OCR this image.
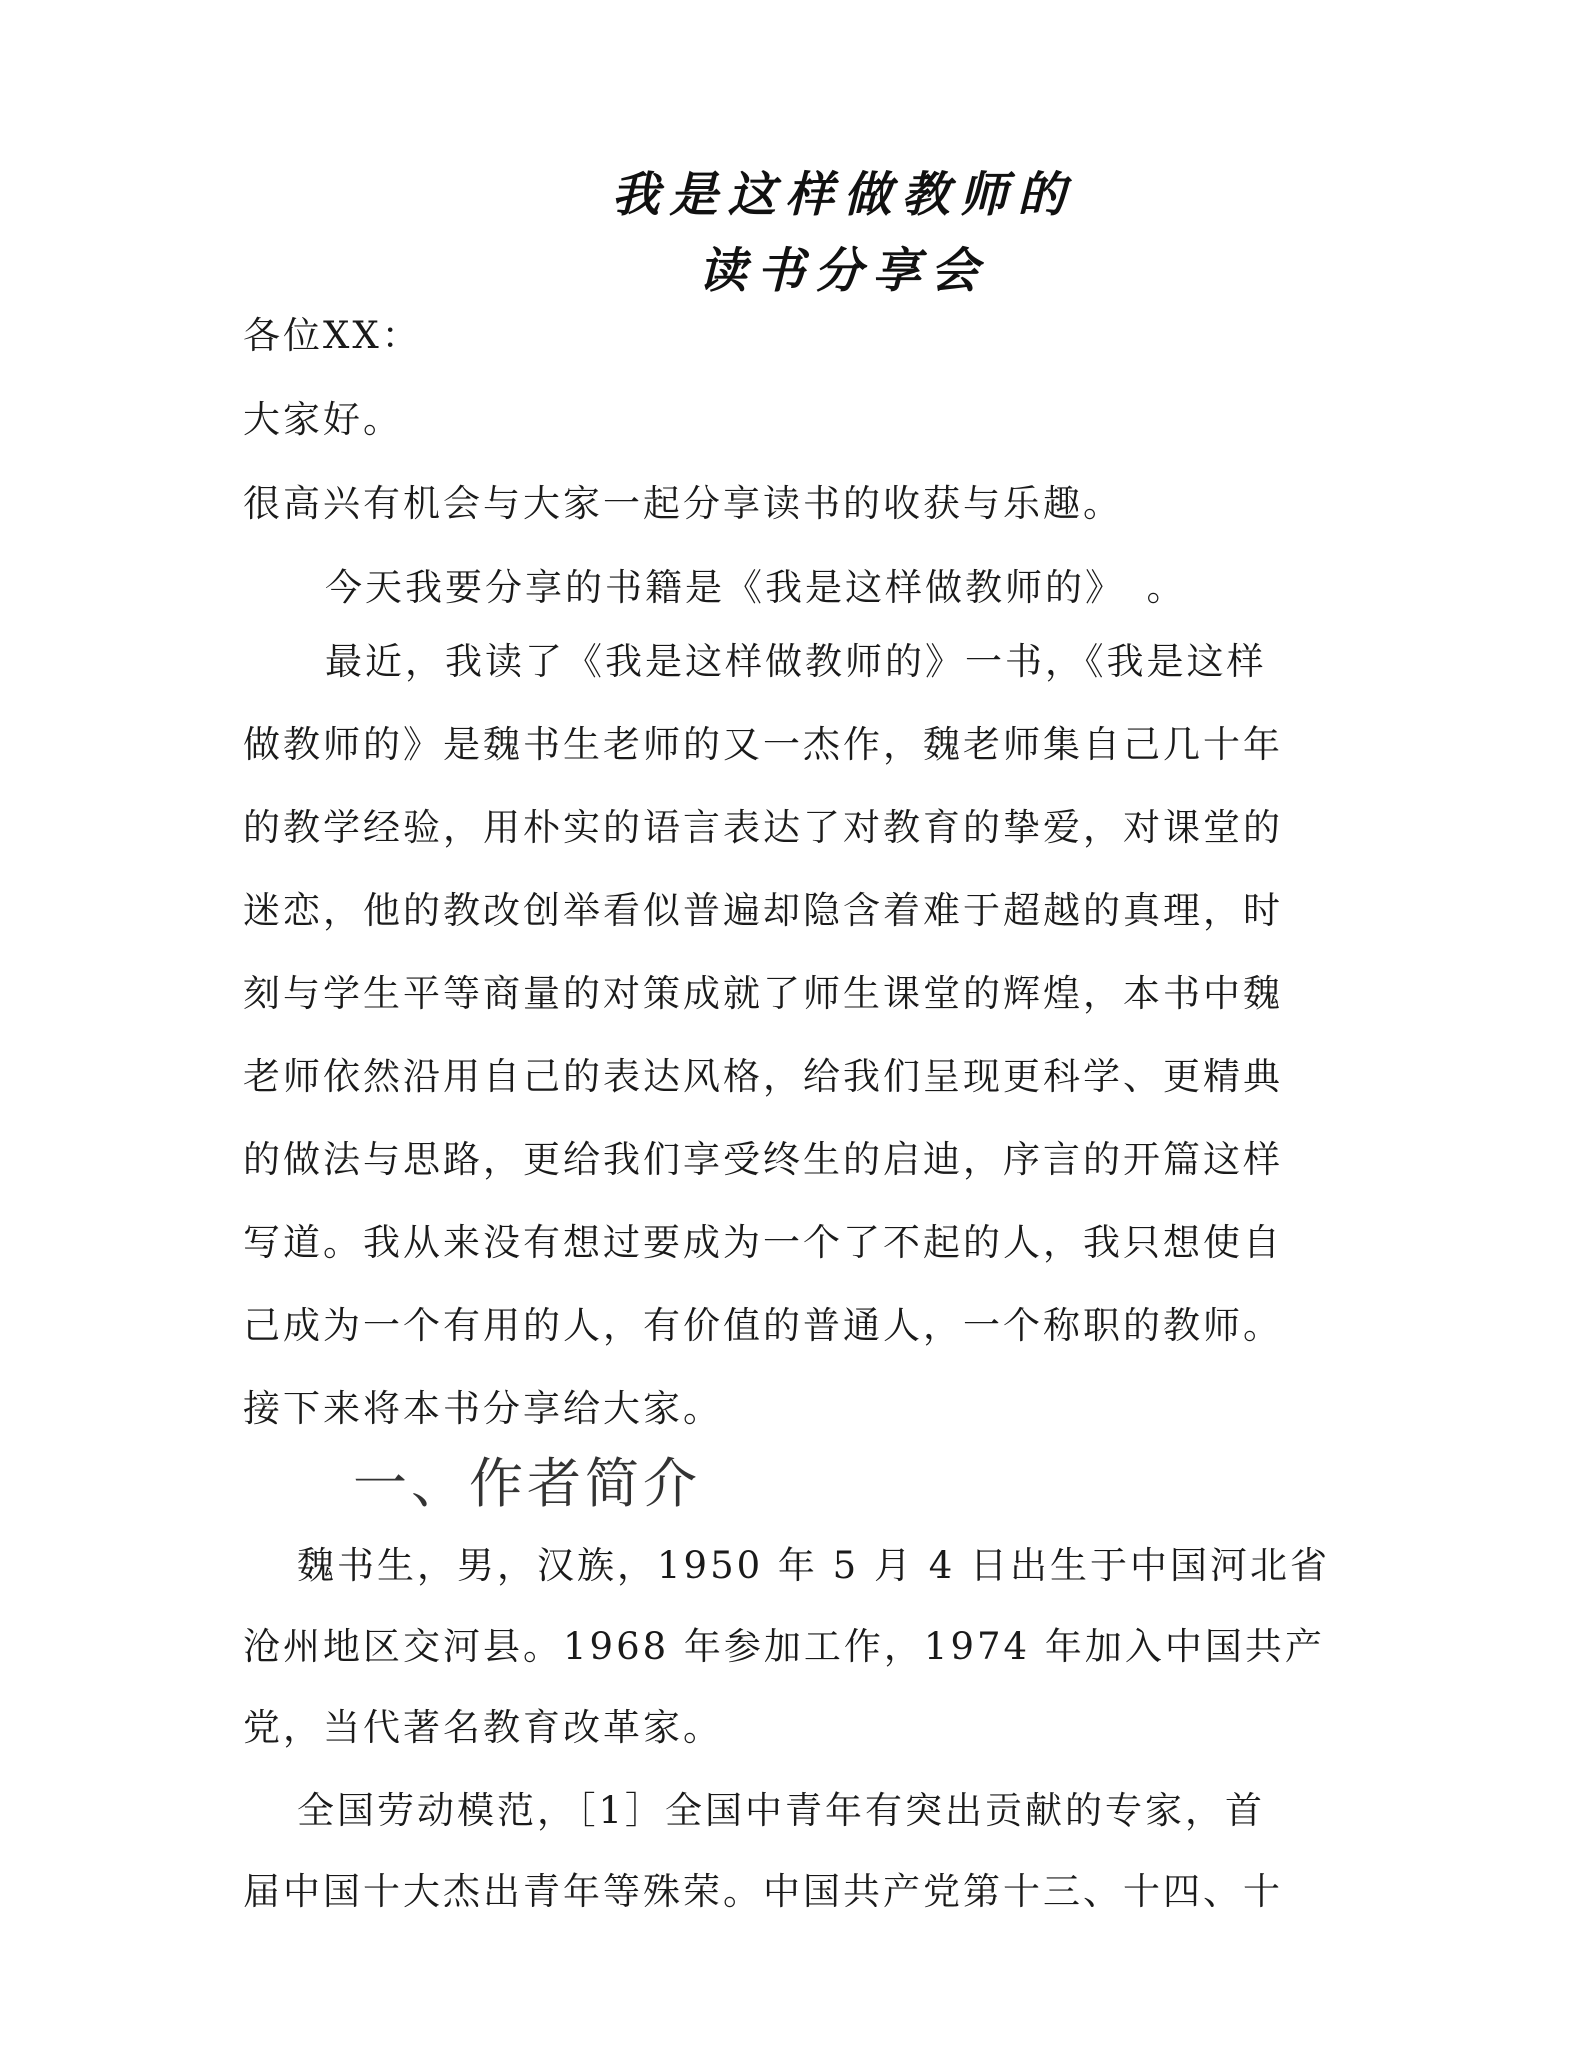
我是这样做教师的
读书分享会
各位XX：
大家好。
很高兴有机会与大家一起分享读书的收获与乐趣。
今天我要分享的书籍是《我是这样做教师的》　。
最近，我读了《我是这样做教师的》一书，《我是这样
做教师的》是魏书生老师的又一杰作，魏老师集自己几十年
的教学经验，用朴实的语言表达了对教育的挚爱，对课堂的
迷恋，他的教改创举看似普遍却隐含着难于超越的真理，时
刻与学生平等商量的对策成就了师生课堂的辉煌，本书中魏
老师依然沿用自己的表达风格，给我们呈现更科学、更精典
的做法与思路，更给我们享受终生的启迪，序言的开篇这样
写道。我从来没有想过要成为一个了不起的人，我只想使自
己成为一个有用的人，有价值的普通人，一个称职的教师。
接下来将本书分享给大家。
一、作者简介
魏书生，男，汉族，1950 年 5 月 4 日出生于中国河北省
沧州地区交河县。1968 年参加工作，1974 年加入中国共产
党，当代著名教育改革家。
全国劳动模范，［1］全国中青年有突出贡献的专家，首
届中国十大杰出青年等殊荣。中国共产党第十三、十四、十
